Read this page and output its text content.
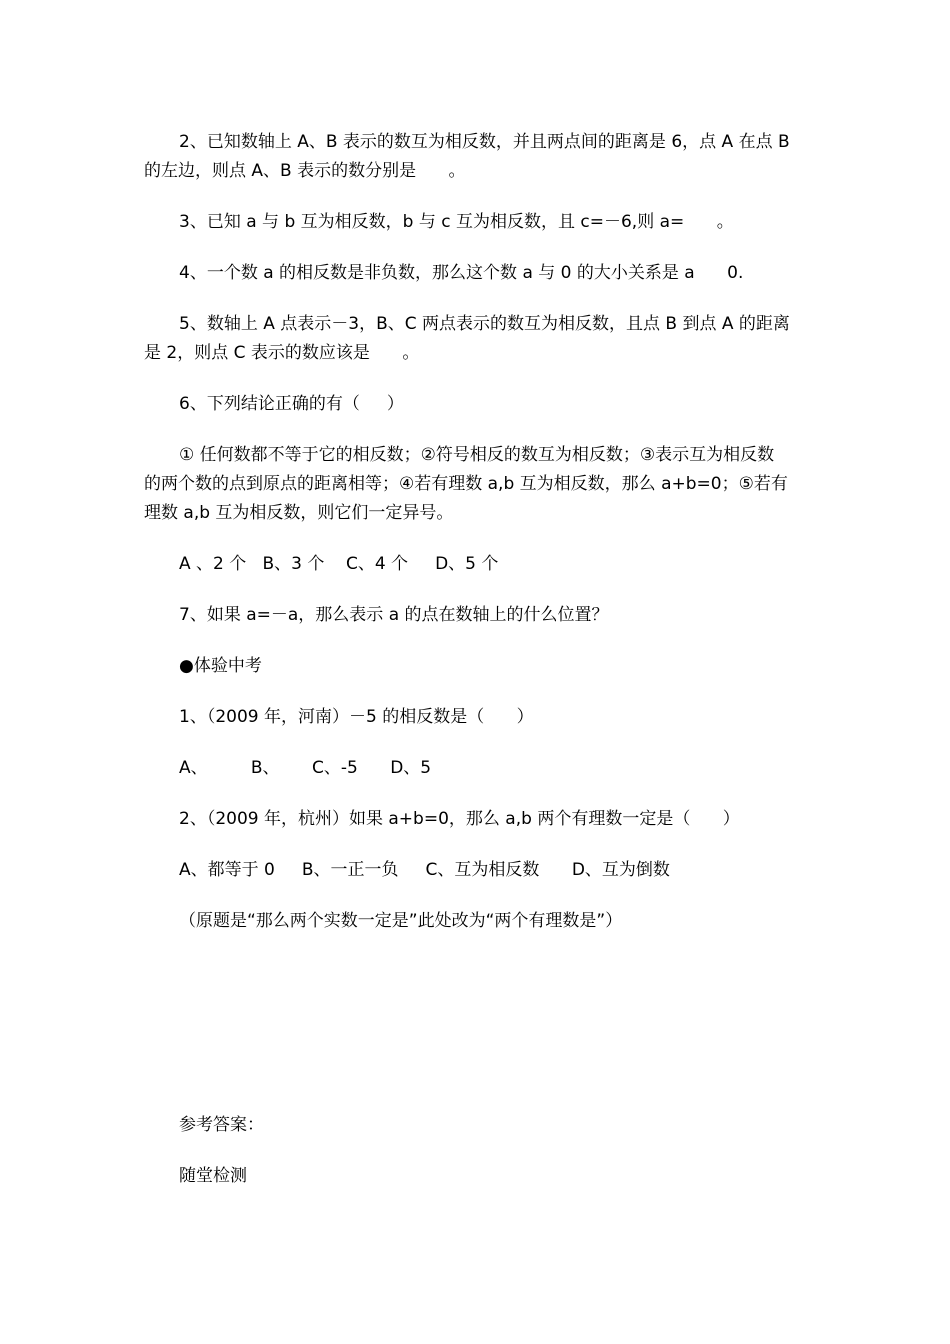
2、已知数轴上 A、B 表示的数互为相反数，并且两点间的距离是 6，点 A 在点 B
的左边，则点 A、B 表示的数分别是      。
3、已知 a 与 b 互为相反数，b 与 c 互为相反数，且 c=－6,则 a=      。
4、一个数 a 的相反数是非负数，那么这个数 a 与 0 的大小关系是 a      0.
5、数轴上 A 点表示－3，B、C 两点表示的数互为相反数，且点 B 到点 A 的距离
是 2，则点 C 表示的数应该是      。
6、下列结论正确的有（     ）
① 任何数都不等于它的相反数；②符号相反的数互为相反数；③表示互为相反数
的两个数的点到原点的距离相等；④若有理数 a,b 互为相反数，那么 a+b=0；⑤若有
理数 a,b 互为相反数，则它们一定异号。
A 、2 个   B、3 个    C、4 个     D、5 个
7、如果 a=－a，那么表示 a 的点在数轴上的什么位置？
●体验中考
1、（2009 年，河南）－5 的相反数是（      ）
A、        B、      C、-5      D、5
2、（2009 年，杭州）如果 a+b=0，那么 a,b 两个有理数一定是（      ）
A、都等于 0     B、一正一负     C、互为相反数      D、互为倒数
（原题是“那么两个实数一定是”此处改为“两个有理数是”）
参考答案：
随堂检测
